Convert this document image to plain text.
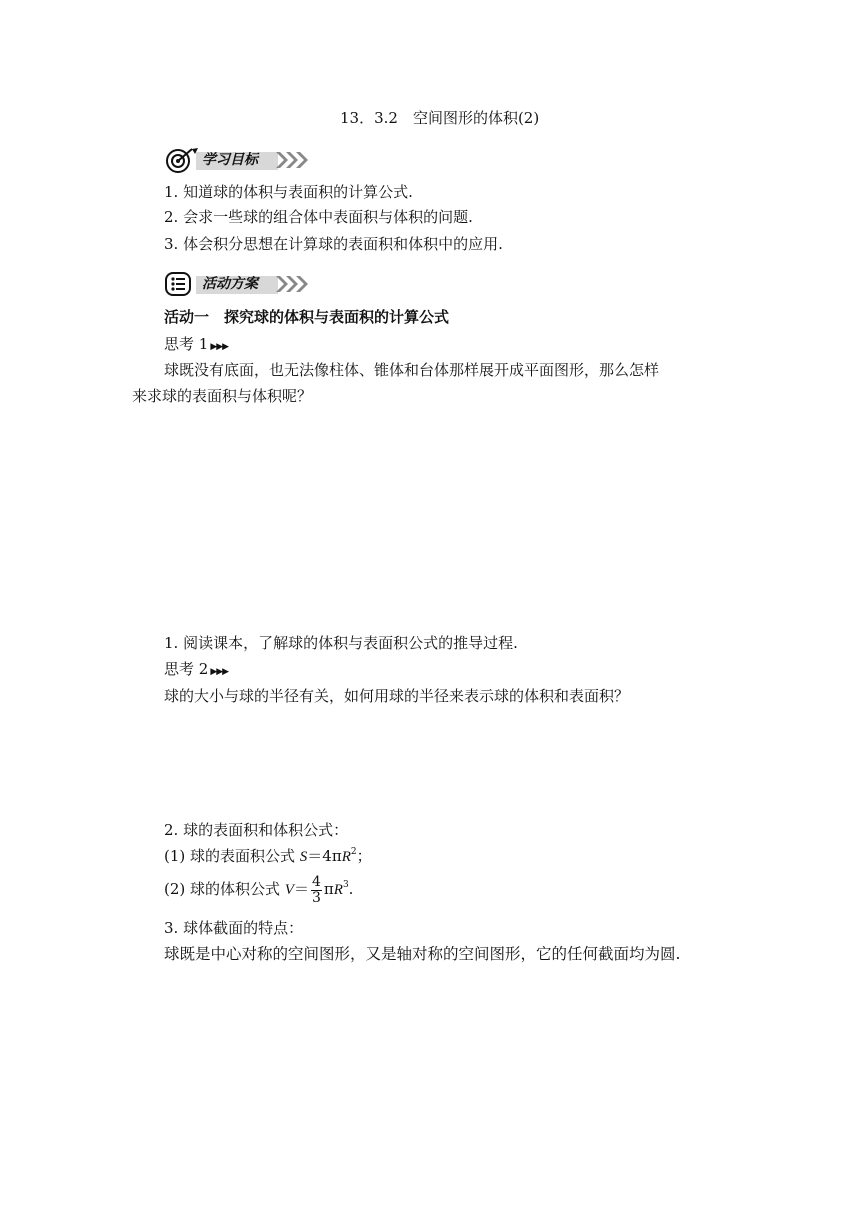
13．3.2　空间图形的体积(2)
学习目标
1. 知道球的体积与表面积的计算公式.
2. 会求一些球的组合体中表面积与体积的问题.
3. 体会积分思想在计算球的表面积和体积中的应用.
活动方案
活动一　探究球的体积与表面积的计算公式
思考 1 ▶▶▶
球既没有底面，也无法像柱体、锥体和台体那样展开成平面图形，那么怎样
来求球的表面积与体积呢？
1. 阅读课本，了解球的体积与表面积公式的推导过程.
思考 2 ▶▶▶
球的大小与球的半径有关，如何用球的半径来表示球的体积和表面积？
2. 球的表面积和体积公式：
(1) 球的表面积公式 $S=4\pi R^2$；
(2) 球的体积公式 $V= \frac{4}{3} \pi R^3$.
3. 球体截面的特点：
球既是中心对称的空间图形，又是轴对称的空间图形，它的任何截面均为圆.
